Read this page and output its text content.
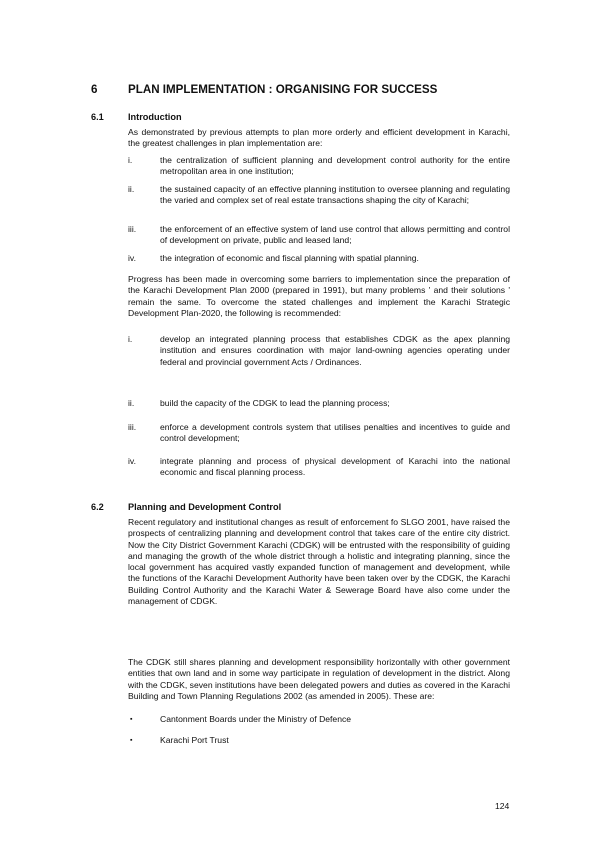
6	PLAN IMPLEMENTATION : ORGANISING FOR SUCCESS
6.1	Introduction
As demonstrated by previous attempts to plan more orderly and efficient development in Karachi, the greatest challenges in plan implementation are:
i.	the centralization of sufficient planning and development control authority for the entire metropolitan area in one institution;
ii.	the sustained capacity of an effective planning institution to oversee planning and regulating the varied and complex set of real estate transactions shaping the city of Karachi;
iii.	the enforcement of an effective system of land use control that allows permitting and control of development on private, public and leased land;
iv.	the integration of economic and fiscal planning with spatial planning.
Progress has been made in overcoming some barriers to implementation since the preparation of the Karachi Development Plan 2000 (prepared in 1991), but many problems ' and their solutions ' remain the same. To overcome the stated challenges and implement the Karachi Strategic Development Plan-2020, the following is recommended:
i.	develop an integrated planning process that establishes CDGK as the apex planning institution and ensures coordination with major land-owning agencies operating under federal and provincial government Acts / Ordinances.
ii.	build the capacity of the CDGK to lead the planning process;
iii.	enforce a development controls system that utilises penalties and incentives to guide and control development;
iv.	integrate planning and process of physical development of Karachi into the national economic and fiscal planning process.
6.2	Planning and Development Control
Recent regulatory and institutional changes as result of enforcement fo SLGO 2001, have raised the prospects of centralizing planning and development control that takes care of the entire city district. Now the City District Government Karachi (CDGK) will be entrusted with the responsibility of guiding and managing the growth of the whole district through a holistic and integrating planning, since the local government has acquired vastly expanded function of management and development, while the functions of the Karachi Development Authority have been taken over by the CDGK, the Karachi Building Control Authority and the Karachi Water & Sewerage Board have also come under the management of CDGK.
The CDGK still shares planning and development responsibility horizontally with other government entities that own land and in some way participate in regulation of development in the district. Along with the CDGK, seven institutions have been delegated powers and duties as covered in the Karachi Building and Town Planning Regulations 2002 (as amended in 2005). These are:
▪	Cantonment Boards under the Ministry of Defence
▪	Karachi Port Trust
124
